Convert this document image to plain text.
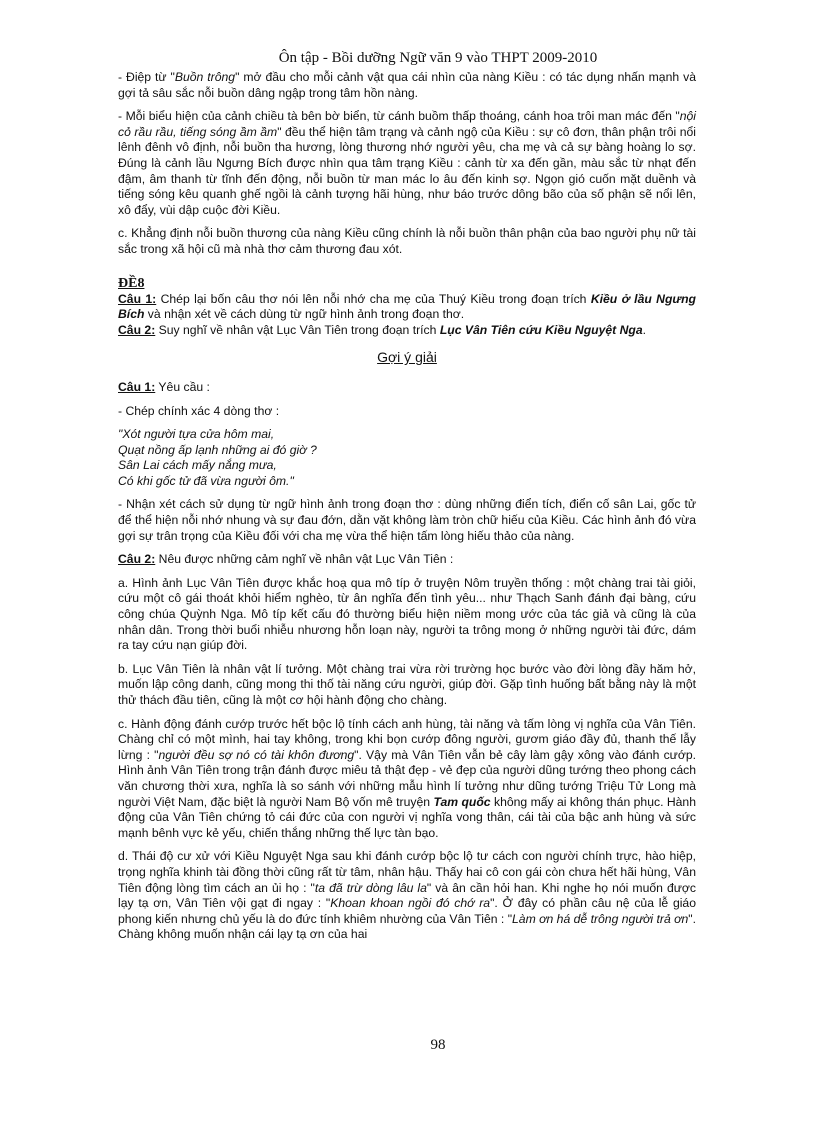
Ôn tập - Bồi dưỡng Ngữ văn 9 vào THPT 2009-2010

- Điệp từ "Buồn trông" mở đầu cho mỗi cảnh vật qua cái nhìn của nàng Kiều : có tác dụng nhấn mạnh và gợi tả sâu sắc nỗi buồn dâng ngập trong tâm hồn nàng.

- Mỗi biểu hiện của cảnh chiều tà bên bờ biển, từ cánh buồm thấp thoáng, cánh hoa trôi man mác đến "nội cỏ rầu rầu, tiếng sóng ầm ầm" đều thể hiện tâm trạng và cảnh ngộ của Kiều : sự cô đơn, thân phận trôi nổi lênh đênh vô định, nỗi buồn tha hương, lòng thương nhớ người yêu, cha mẹ và cả sự bàng hoàng lo sợ. Đúng là cảnh lầu Ngưng Bích được nhìn qua tâm trạng Kiều : cảnh từ xa đến gần, màu sắc từ nhạt đến đậm, âm thanh từ tĩnh đến động, nỗi buồn từ man mác lo âu đến kinh sợ. Ngọn gió cuốn mặt duềnh và tiếng sóng kêu quanh ghế ngồi là cảnh tượng hãi hùng, như báo trước dông bão của số phận sẽ nổi lên, xô đẩy, vùi dập cuộc đời Kiều.

c. Khẳng định nỗi buồn thương của nàng Kiều cũng chính là nỗi buồn thân phận của bao người phụ nữ tài sắc trong xã hội cũ mà nhà thơ cảm thương đau xót.

ĐỀ8

Câu 1: Chép lại bốn câu thơ nói lên nỗi nhớ cha mẹ của Thuý Kiều trong đoạn trích Kiều ở lầu Ngưng Bích và nhận xét về cách dùng từ ngữ hình ảnh trong đoạn thơ.

Câu 2: Suy nghĩ về nhân vật Lục Vân Tiên trong đoạn trích Lục Vân Tiên cứu Kiều Nguyệt Nga.

Gợi ý giải

Câu 1: Yêu cầu :

- Chép chính xác 4 dòng thơ :

"Xót người tựa cửa hôm mai,
Quạt nồng ấp lạnh những ai đó giờ ?
Sân Lai cách mấy nắng mưa,
Có khi gốc tử đã vừa người ôm."

- Nhận xét cách sử dụng từ ngữ hình ảnh trong đoạn thơ : dùng những điển tích, điển cố sân Lai, gốc tử để thể hiện nỗi nhớ nhung và sự đau đớn, dằn vặt không làm tròn chữ hiếu của Kiều. Các hình ảnh đó vừa gợi sự trân trọng của Kiều đối với cha mẹ vừa thể hiện tấm lòng hiếu thảo của nàng.

Câu 2: Nêu được những cảm nghĩ về nhân vật Lục Vân Tiên :

a. Hình ảnh Lục Vân Tiên được khắc hoạ qua mô típ ở truyện Nôm truyền thống : một chàng trai tài giỏi, cứu một cô gái thoát khỏi hiểm nghèo, từ ân nghĩa đến tình yêu... như Thạch Sanh đánh đại bàng, cứu công chúa Quỳnh Nga. Mô típ kết cấu đó thường biểu hiện niềm mong ước của tác giả và cũng là của nhân dân. Trong thời buổi nhiễu nhương hỗn loạn này, người ta trông mong ở những người tài đức, dám ra tay cứu nạn giúp đời.

b. Lục Vân Tiên là nhân vật lí tưởng. Một chàng trai vừa rời trường học bước vào đời lòng đầy hăm hở, muốn lập công danh, cũng mong thi thố tài năng cứu người, giúp đời. Gặp tình huống bất bằng này là một thử thách đầu tiên, cũng là một cơ hội hành động cho chàng.

c. Hành động đánh cướp trước hết bộc lộ tính cách anh hùng, tài năng và tấm lòng vị nghĩa của Vân Tiên. Chàng chỉ có một mình, hai tay không, trong khi bọn cướp đông người, gươm giáo đầy đủ, thanh thế lẫy lừng : "người đều sợ nó có tài khôn đương". Vậy mà Vân Tiên vẫn bẻ cây làm gậy xông vào đánh cướp. Hình ảnh Vân Tiên trong trận đánh được miêu tả thật đẹp - vẻ đẹp của người dũng tướng theo phong cách văn chương thời xưa, nghĩa là so sánh với những mẫu hình lí tưởng như dũng tướng Triệu Tử Long mà người Việt Nam, đặc biệt là người Nam Bộ vốn mê truyện Tam quốc không mấy ai không thán phục. Hành động của Vân Tiên chứng tỏ cái đức của con người vị nghĩa vong thân, cái tài của bậc anh hùng và sức mạnh bênh vực kẻ yếu, chiến thắng những thế lực tàn bạo.

d. Thái độ cư xử với Kiều Nguyệt Nga sau khi đánh cướp bộc lộ tư cách con người chính trực, hào hiệp, trọng nghĩa khinh tài đồng thời cũng rất từ tâm, nhân hậu. Thấy hai cô con gái còn chưa hết hãi hùng, Vân Tiên động lòng tìm cách an ủi họ : "ta đã trừ dòng lâu la" và ân cần hỏi han. Khi nghe họ nói muốn được lạy tạ ơn, Vân Tiên vội gạt đi ngay : "Khoan khoan ngồi đó chớ ra". Ở đây có phần câu nệ của lễ giáo phong kiến nhưng chủ yếu là do đức tính khiêm nhường của Vân Tiên : "Làm ơn há dễ trông người trả ơn". Chàng không muốn nhận cái lạy tạ ơn của hai

98
